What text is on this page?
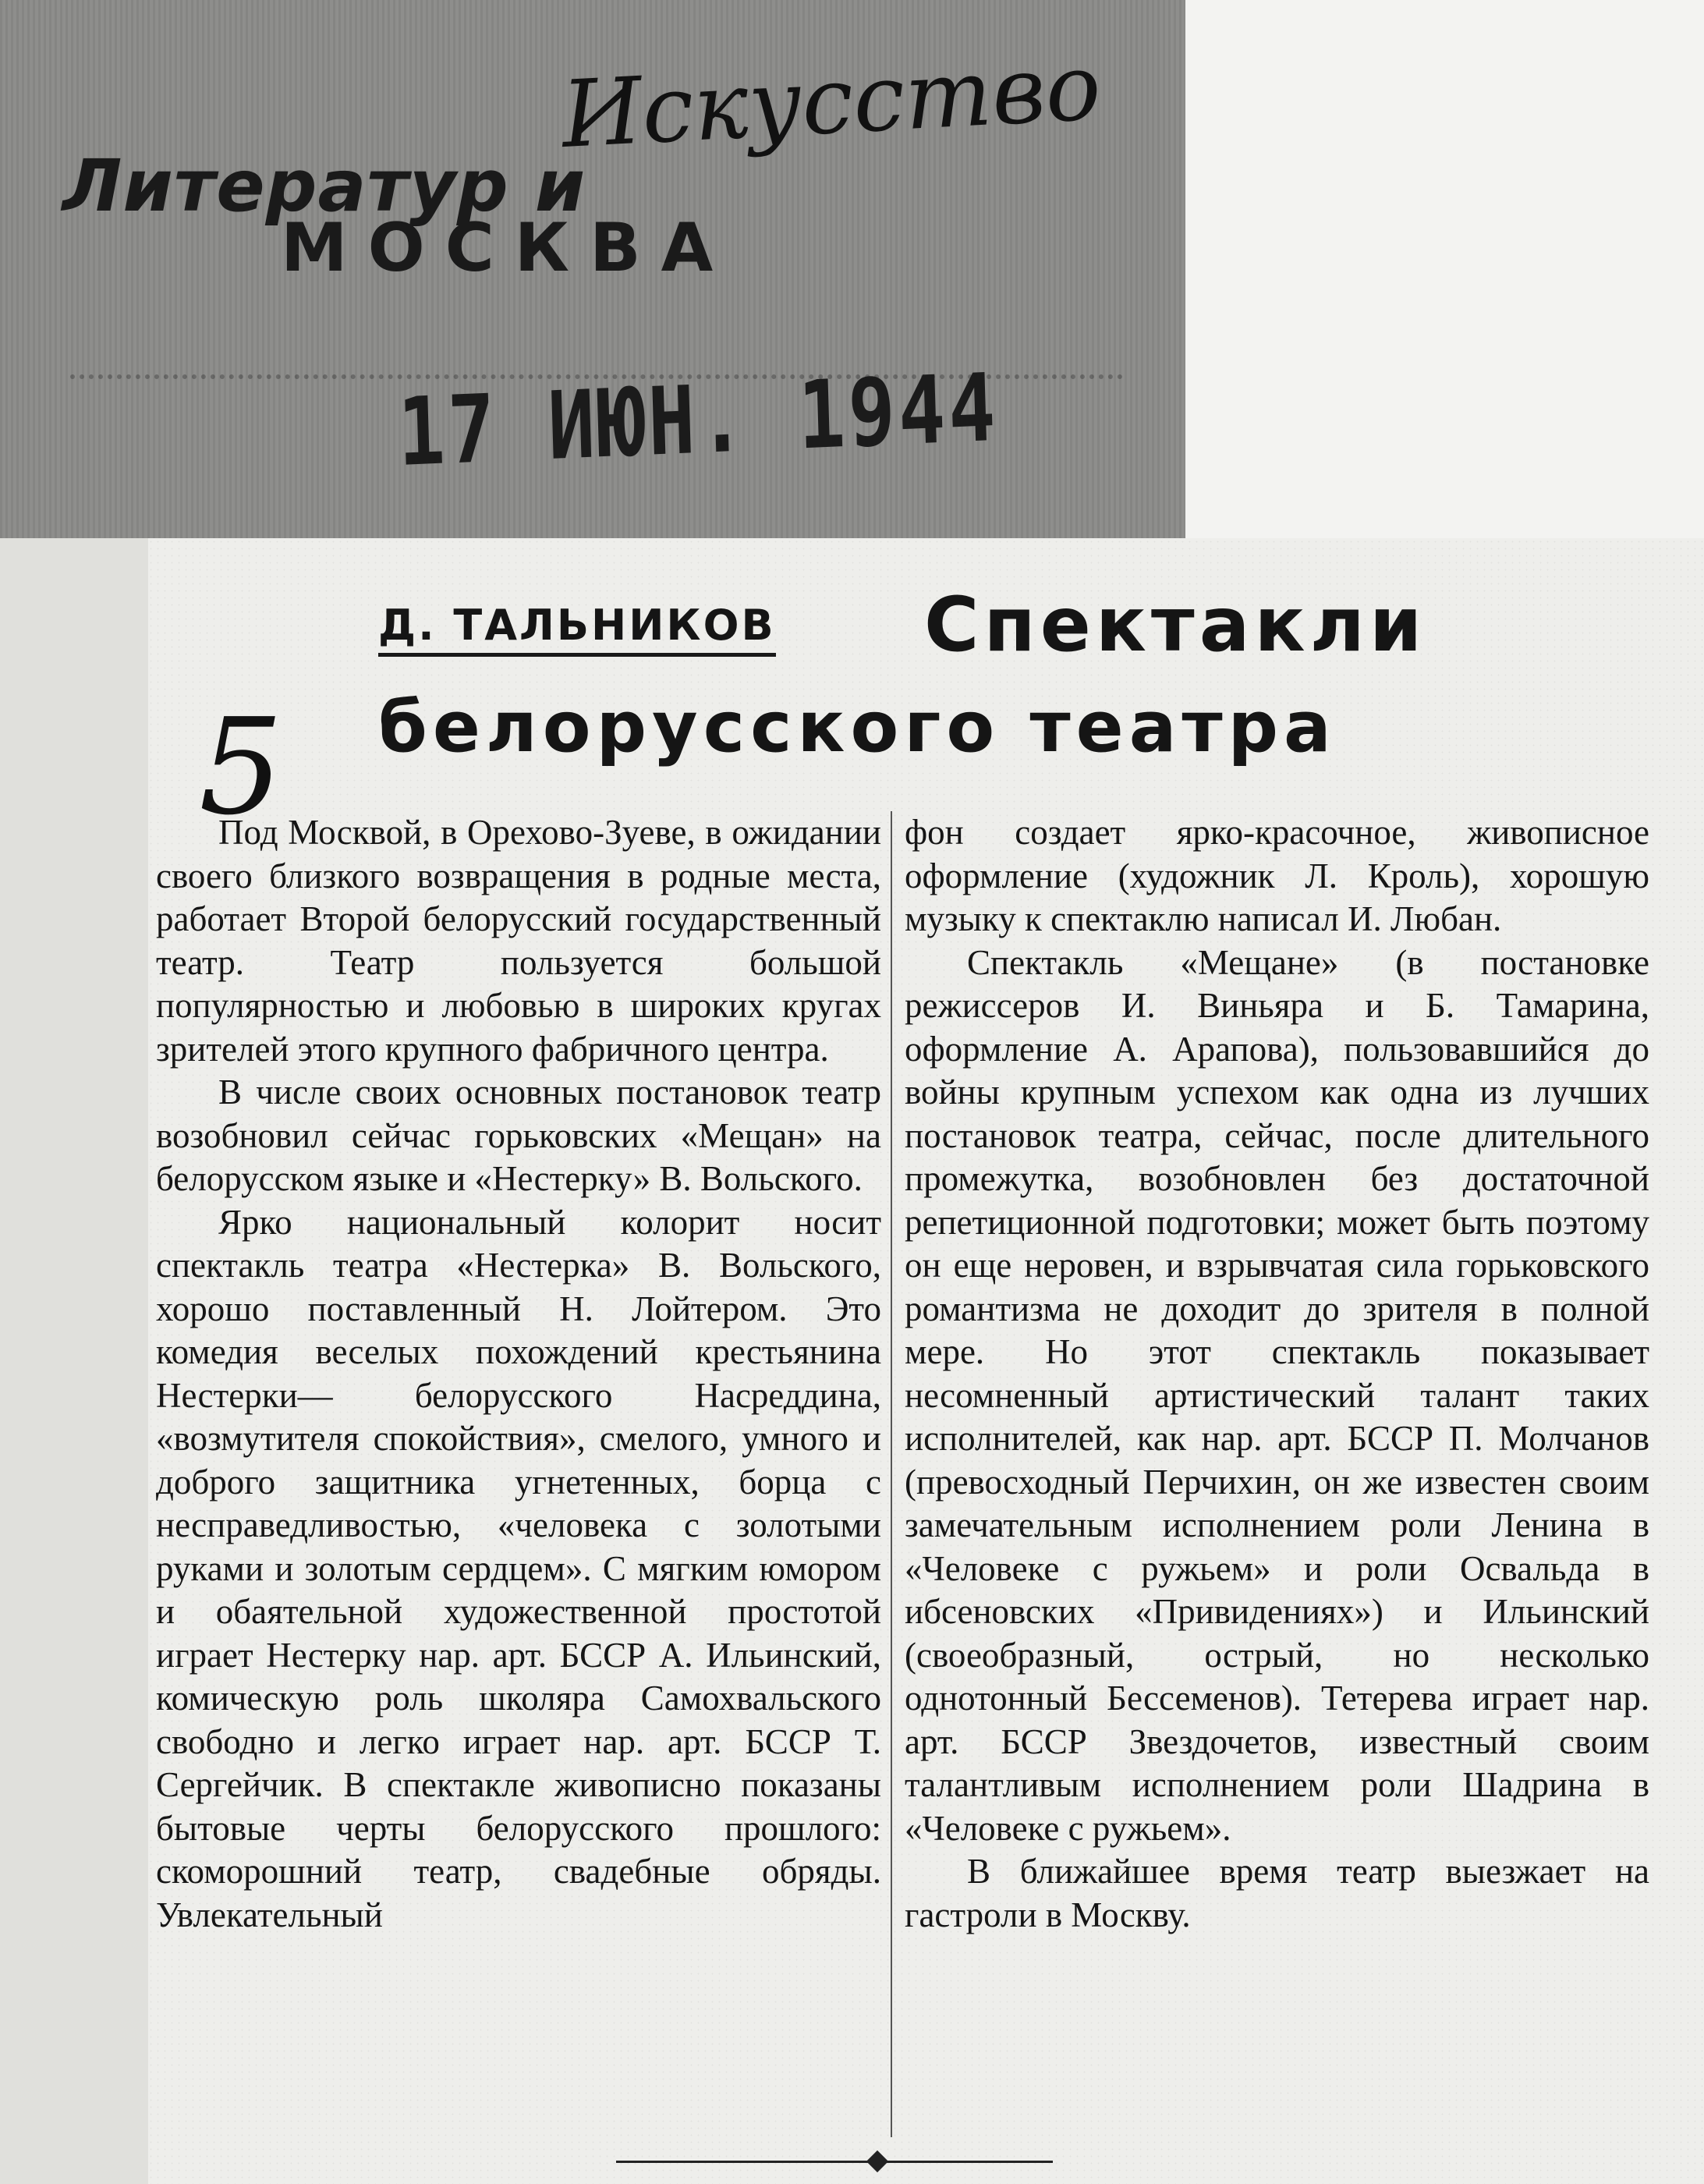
Литератур и
МОСКВА
Искусство
17 ИЮН. 1944
Д. ТАЛЬНИКОВ Спектакли
белорусского театра
5

Под Москвой, в Орехово-Зуеве, в ожидании своего близкого возвращения в родные места, работает Второй белорусский государственный театр. Театр пользуется большой популярностью и любовью в широких кругах зрителей этого крупного фабричного центра.

В числе своих основных постановок театр возобновил сейчас горьковских «Мещан» на белорусском языке и «Нестерку» В. Вольского.

Ярко национальный колорит носит спектакль театра «Нестерка» В. Вольского, хорошо поставленный Н. Лойтером. Это комедия веселых похождений крестьянина Нестерки— белорусского Насреддина, «возмутителя спокойствия», смелого, умного и доброго защитника угнетенных, борца с несправедливостью, «человека с золотыми руками и золотым сердцем». С мягким юмором и обаятельной художественной простотой играет Нестерку нар. арт. БССР А. Ильинский, комическую роль школяра Самохвальского свободно и легко играет нар. арт. БССР Т. Сергейчик. В спектакле живописно показаны бытовые черты белорусского прошлого: скоморошний театр, свадебные обряды. Увлекательный

фон создает ярко-красочное, живописное оформление (художник Л. Кроль), хорошую музыку к спектаклю написал И. Любан.

Спектакль «Мещане» (в постановке режиссеров И. Виньяра и Б. Тамарина, оформление А. Арапова), пользовавшийся до войны крупным успехом как одна из лучших постановок театра, сейчас, после длительного промежутка, возобновлен без достаточной репетиционной подготовки; может быть поэтому он еще неровен, и взрывчатая сила горьковского романтизма не доходит до зрителя в полной мере. Но этот спектакль показывает несомненный артистический талант таких исполнителей, как нар. арт. БССР П. Молчанов (превосходный Перчихин, он же известен своим замечательным исполнением роли Ленина в «Человеке с ружьем» и роли Освальда в ибсеновских «Привидениях») и Ильинский (своеобразный, острый, но несколько однотонный Бессеменов). Тетерева играет нар. арт. БССР Звездочетов, известный своим талантливым исполнением роли Шадрина в «Человеке с ружьем».

В ближайшее время театр выезжает на гастроли в Москву.
